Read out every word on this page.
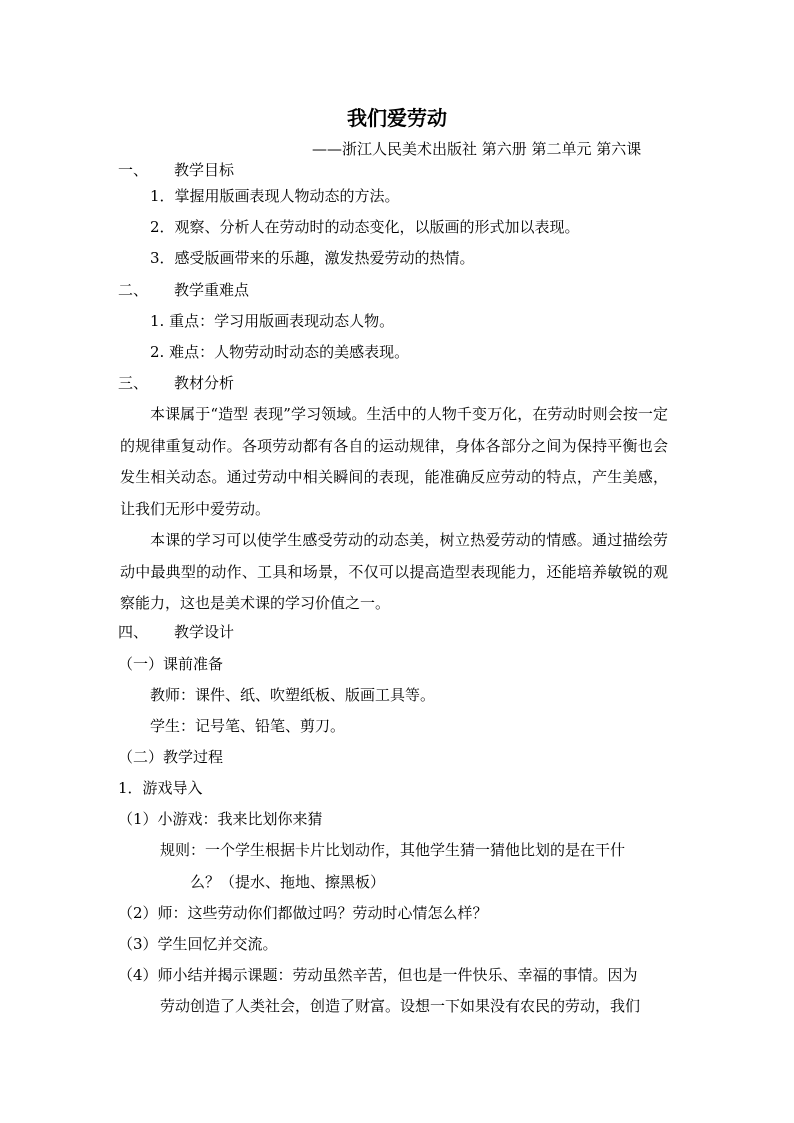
我们爱劳动
——浙江人民美术出版社 第六册 第二单元 第六课
一、 教学目标
1．掌握用版画表现人物动态的方法。
2．观察、分析人在劳动时的动态变化，以版画的形式加以表现。
3．感受版画带来的乐趣，激发热爱劳动的热情。
二、 教学重难点
1. 重点：学习用版画表现动态人物。
2. 难点：人物劳动时动态的美感表现。
三、 教材分析

本课属于“造型 表现”学习领域。生活中的人物千变万化，在劳动时则会按一定的规律重复动作。各项劳动都有各自的运动规律，身体各部分之间为保持平衡也会发生相关动态。通过劳动中相关瞬间的表现，能准确反应劳动的特点，产生美感，让我们无形中爱劳动。

本课的学习可以使学生感受劳动的动态美，树立热爱劳动的情感。通过描绘劳动中最典型的动作、工具和场景，不仅可以提高造型表现能力，还能培养敏锐的观察能力，这也是美术课的学习价值之一。

四、 教学设计
（一）课前准备
教师：课件、纸、吹塑纸板、版画工具等。
学生：记号笔、铅笔、剪刀。
（二）教学过程
1．游戏导入
（1）小游戏：我来比划你来猜
规则：一个学生根据卡片比划动作，其他学生猜一猜他比划的是在干什
么？（提水、拖地、擦黑板）
（2）师：这些劳动你们都做过吗？劳动时心情怎么样？
（3）学生回忆并交流。
（4）师小结并揭示课题：劳动虽然辛苦，但也是一件快乐、幸福的事情。因为
劳动创造了人类社会，创造了财富。设想一下如果没有农民的劳动，我们
